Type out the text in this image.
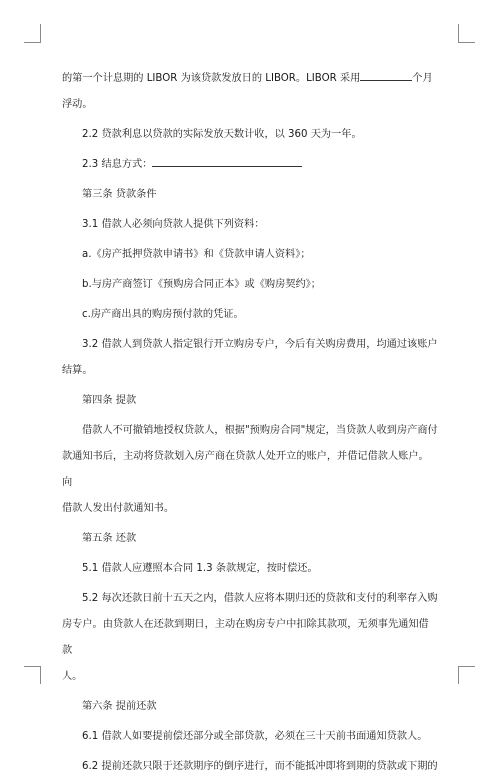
的第一个计息期的 LIBOR 为该贷款发放日的 LIBOR。LIBOR 采用	个月

浮动。

2.2 贷款利息以贷款的实际发放天数计收，以 360 天为一年。

2.3 结息方式：

第三条 贷款条件

3.1 借款人必须向贷款人提供下列资料：

a.《房产抵押贷款申请书》和《贷款申请人资料》；

b.与房产商签订《预购房合同正本》或《购房契约》；

c.房产商出具的购房预付款的凭证。

3.2 借款人到贷款人指定银行开立购房专户，今后有关购房费用，均通过该账户

结算。

第四条 提款

借款人不可撤销地授权贷款人，根据"预购房合同"规定，当贷款人收到房产商付

款通知书后，主动将贷款划入房产商在贷款人处开立的账户，并借记借款人账户。向

借款人发出付款通知书。

第五条 还款

5.1 借款人应遵照本合同 1.3 条款规定，按时偿还。

5.2 每次还款日前十五天之内，借款人应将本期归还的贷款和支付的利率存入购

房专户。由贷款人在还款到期日，主动在购房专户中扣除其款项，无须事先通知借款

人。

第六条 提前还款

6.1 借款人如要提前偿还部分或全部贷款，必须在三十天前书面通知贷款人。

6.2 提前还款只限于还款期序的倒序进行，而不能抵冲即将到期的贷款或下期的
